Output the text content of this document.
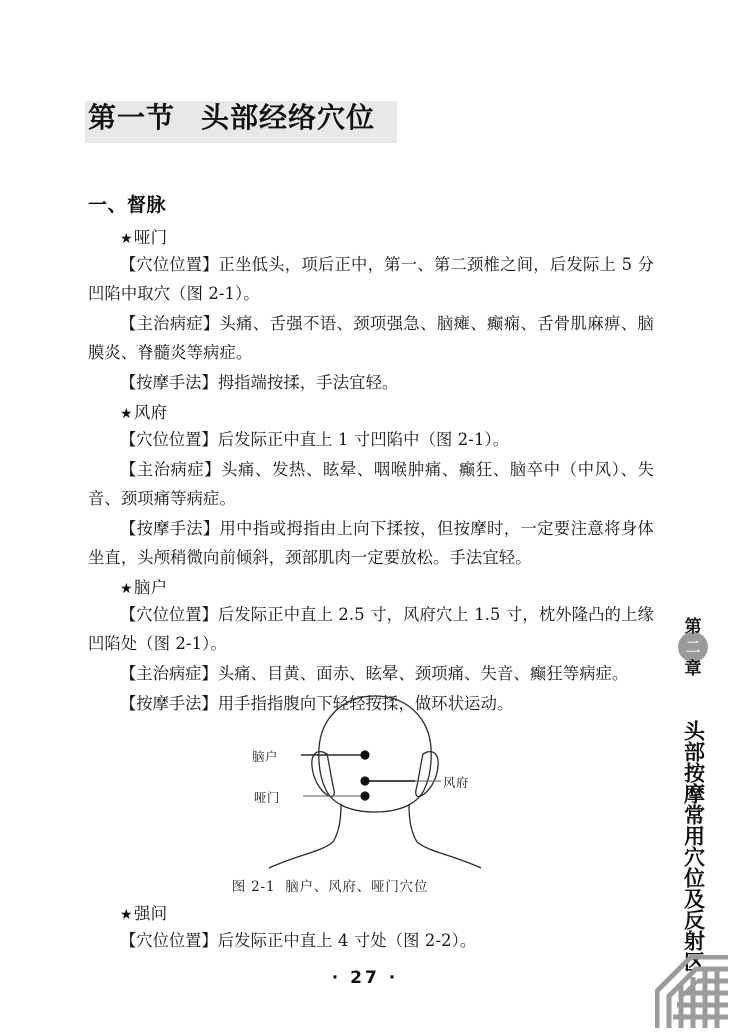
第一节 头部经络穴位
一、督脉
★哑门

【穴位位置】正坐低头，项后正中，第一、第二颈椎之间，后发际上 5 分凹陷中取穴（图 2-1）。

【主治病症】头痛、舌强不语、颈项强急、脑瘫、癫痫、舌骨肌麻痹、脑膜炎、脊髓炎等病症。

【按摩手法】拇指端按揉，手法宜轻。

★风府

【穴位位置】后发际正中直上 1 寸凹陷中（图 2-1）。

【主治病症】头痛、发热、眩晕、咽喉肿痛、癫狂、脑卒中（中风）、失音、颈项痛等病症。

【按摩手法】用中指或拇指由上向下揉按，但按摩时，一定要注意将身体坐直，头颅稍微向前倾斜，颈部肌肉一定要放松。手法宜轻。

★脑户

【穴位位置】后发际正中直上 2.5 寸，风府穴上 1.5 寸，枕外隆凸的上缘凹陷处（图 2-1）。

【主治病症】头痛、目黄、面赤、眩晕、颈项痛、失音、癫狂等病症。

【按摩手法】用手指指腹向下轻轻按揉，做环状运动。

脑户
风府
哑门
图 2-1 脑户、风府、哑门穴位
★强问

【穴位位置】后发际正中直上 4 寸处（图 2-2）。

第
二
章
头部按摩常用穴位及反射区
· 27 ·
